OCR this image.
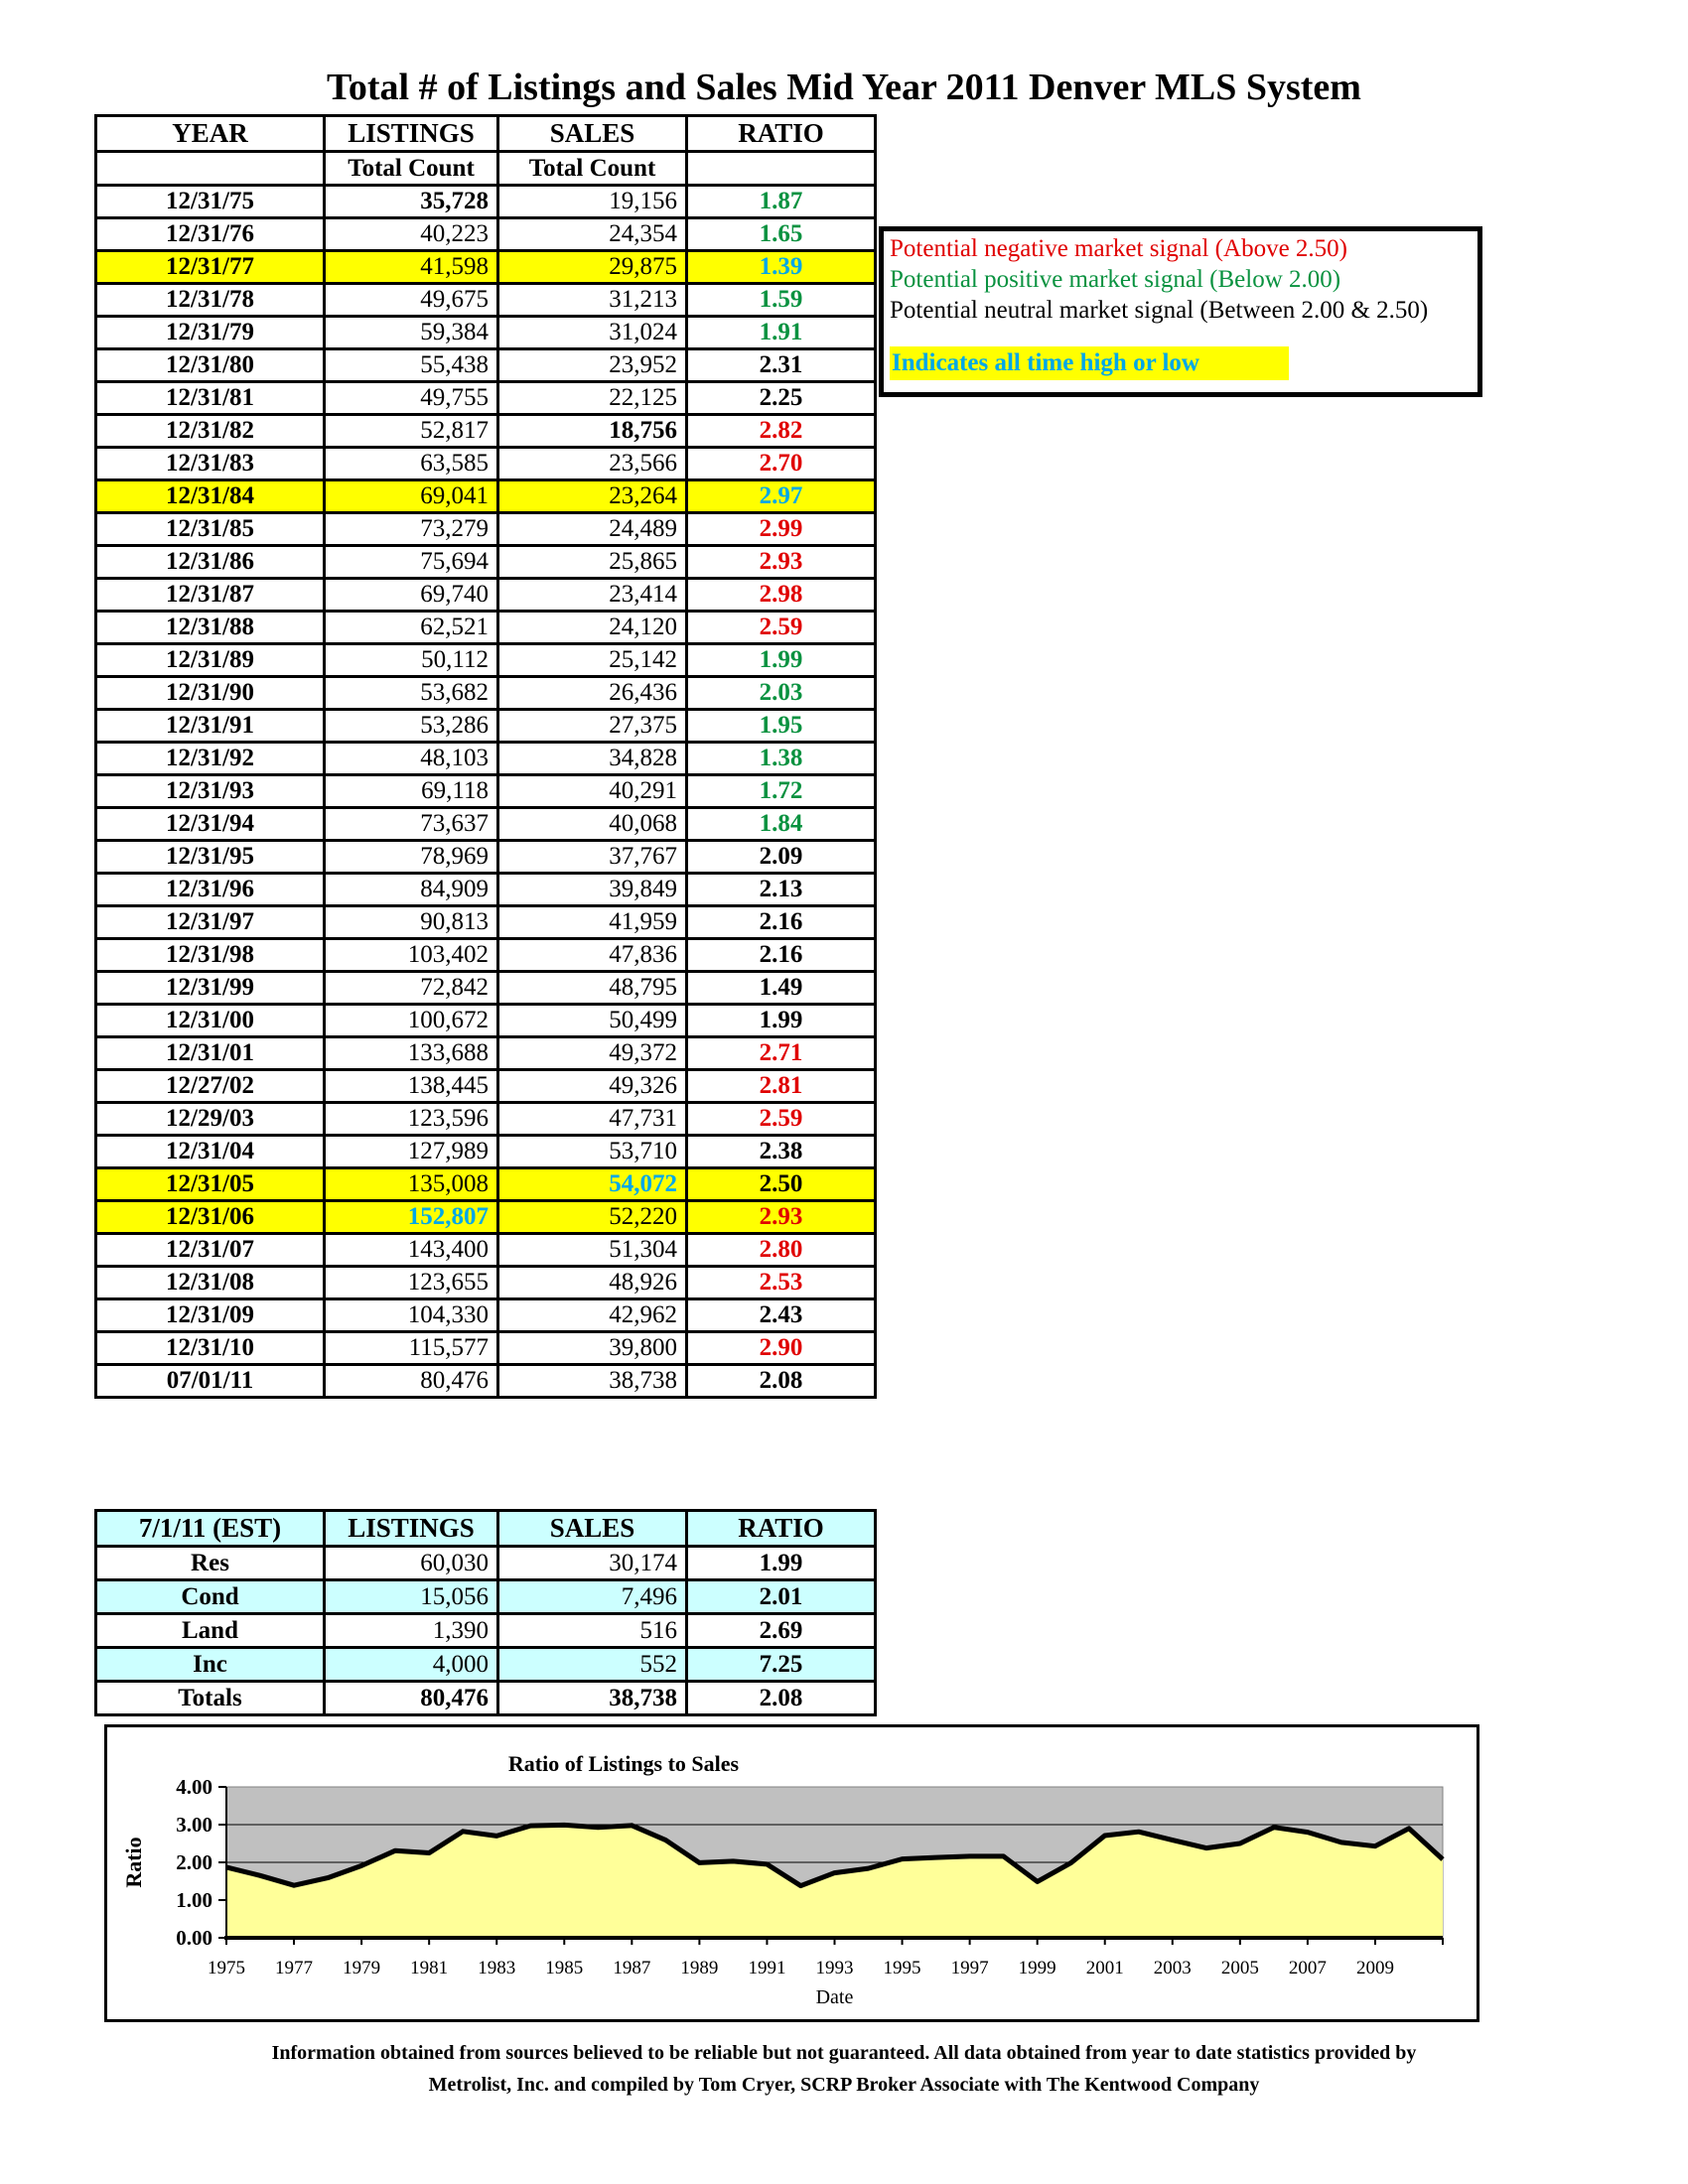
Total # of Listings and Sales Mid Year 2011 Denver MLS System
YEAR	LISTINGS	SALES	RATIO
	Total Count	Total Count	
12/31/75	35,728	19,156	1.87
12/31/76	40,223	24,354	1.65
12/31/77	41,598	29,875	1.39
12/31/78	49,675	31,213	1.59
12/31/79	59,384	31,024	1.91
12/31/80	55,438	23,952	2.31
12/31/81	49,755	22,125	2.25
12/31/82	52,817	18,756	2.82
12/31/83	63,585	23,566	2.70
12/31/84	69,041	23,264	2.97
12/31/85	73,279	24,489	2.99
12/31/86	75,694	25,865	2.93
12/31/87	69,740	23,414	2.98
12/31/88	62,521	24,120	2.59
12/31/89	50,112	25,142	1.99
12/31/90	53,682	26,436	2.03
12/31/91	53,286	27,375	1.95
12/31/92	48,103	34,828	1.38
12/31/93	69,118	40,291	1.72
12/31/94	73,637	40,068	1.84
12/31/95	78,969	37,767	2.09
12/31/96	84,909	39,849	2.13
12/31/97	90,813	41,959	2.16
12/31/98	103,402	47,836	2.16
12/31/99	72,842	48,795	1.49
12/31/00	100,672	50,499	1.99
12/31/01	133,688	49,372	2.71
12/27/02	138,445	49,326	2.81
12/29/03	123,596	47,731	2.59
12/31/04	127,989	53,710	2.38
12/31/05	135,008	54,072	2.50
12/31/06	152,807	52,220	2.93
12/31/07	143,400	51,304	2.80
12/31/08	123,655	48,926	2.53
12/31/09	104,330	42,962	2.43
12/31/10	115,577	39,800	2.90
07/01/11	80,476	38,738	2.08
Potential negative market signal (Above 2.50)
Potential positive market signal (Below 2.00)
Potential neutral market signal (Between 2.00 & 2.50)
Indicates all time high or low
7/1/11 (EST)	LISTINGS	SALES	RATIO
Res	60,030	30,174	1.99
Cond	15,056	7,496	2.01
Land	1,390	516	2.69
Inc	4,000	552	7.25
Totals	80,476	38,738	2.08
0.00
1.00
2.00
3.00
4.00
1975 1977 1979 1981 1983 1985 1987 1989 1991 1993 1995 1997 1999 2001 2003 2005 2007 2009
Ratio of Listings to Sales
Date
Ratio
Information obtained from sources believed to be reliable but not guaranteed. All data obtained from year to date statistics provided by
Metrolist, Inc. and compiled by Tom Cryer, SCRP Broker Associate with The Kentwood Company
